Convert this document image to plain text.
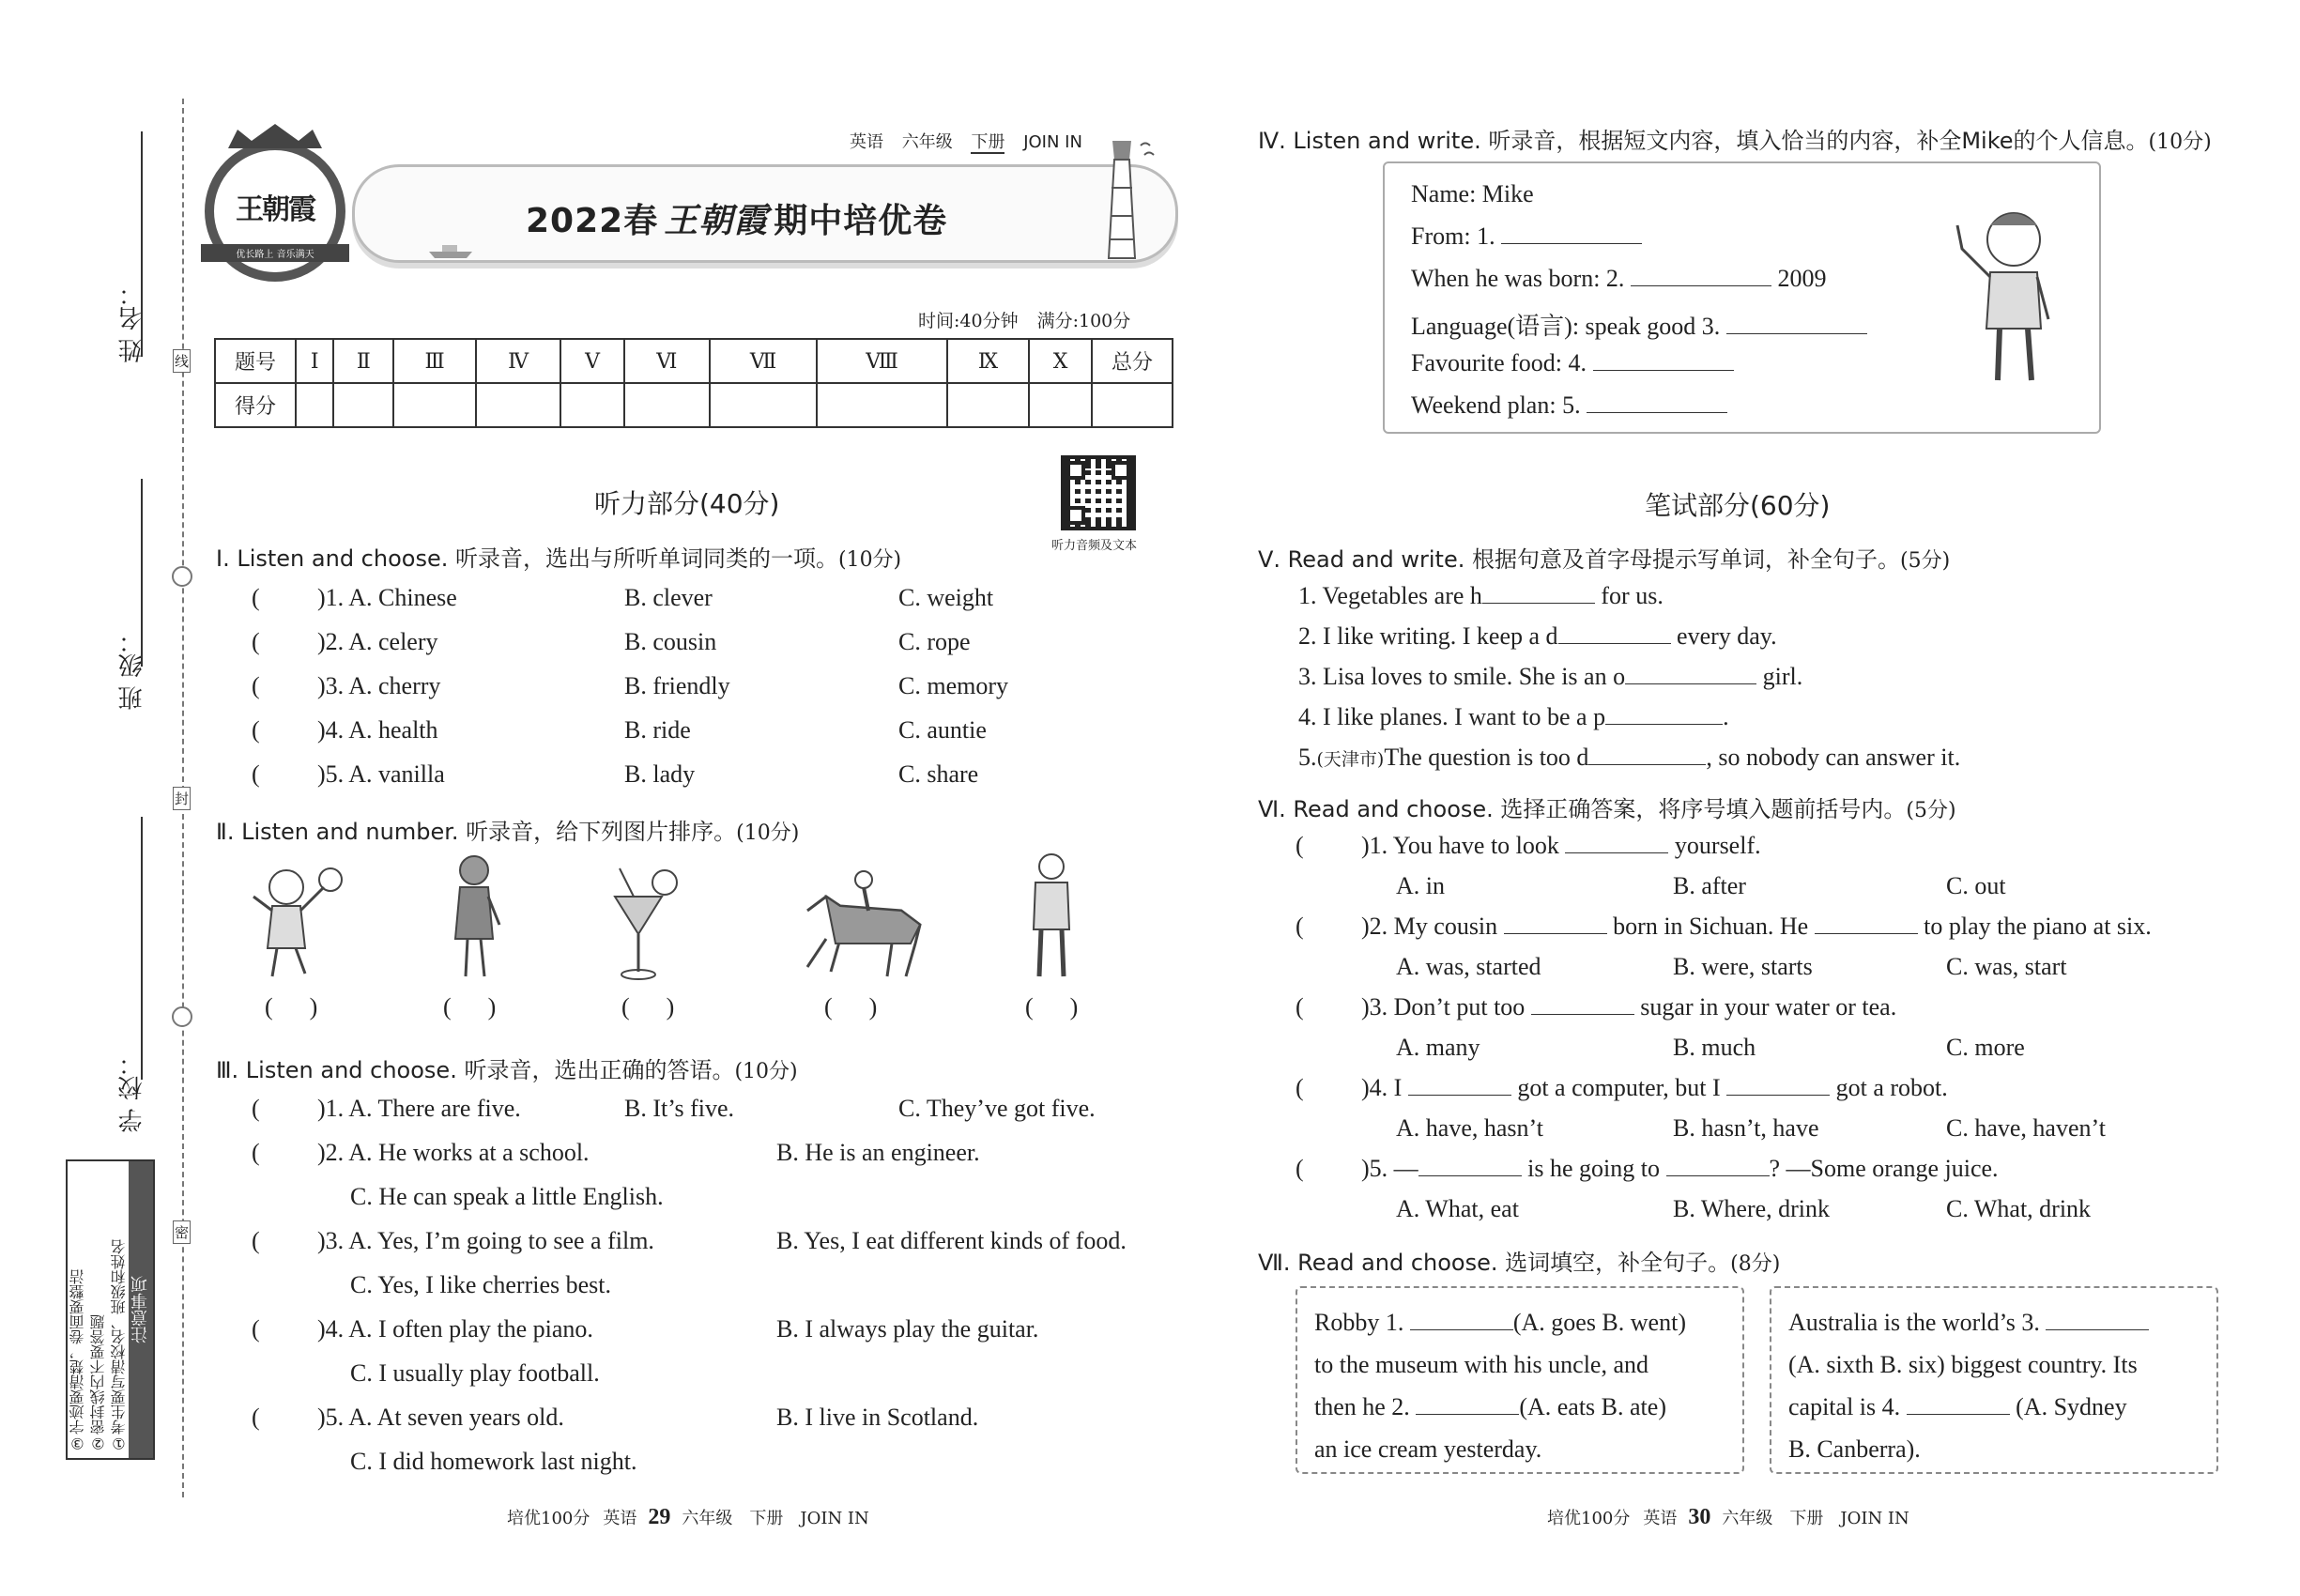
线
封
密
姓 名：
班 级：
学 校：
注意事项
①考生要写清校名、班级和姓名
②密封线内不要答题
③字迹要清楚，卷面要整洁
王朝霞
优长路上 音乐满天
英语 六年级 下册 JOIN IN
2022春 王朝霞 期中培优卷
时间:40分钟 满分:100分
题号	Ⅰ	Ⅱ	Ⅲ	Ⅳ	Ⅴ	Ⅵ	Ⅶ	Ⅷ	Ⅸ	Ⅹ	总分
得分											
听力音频及文本
听力部分(40分)
Ⅰ. Listen and choose. 听录音，选出与所听单词同类的一项。(10分)
( )1. A. Chinese	B. clever	C. weight
( )2. A. celery	B. cousin	C. rope
( )3. A. cherry	B. friendly	C. memory
( )4. A. health	B. ride	C. auntie
( )5. A. vanilla	B. lady	C. share
Ⅱ. Listen and number. 听录音，给下列图片排序。(10分)
(      )	(      )	(      )	(      )	(      )
Ⅲ. Listen and choose. 听录音，选出正确的答语。(10分)
( )1. A. There are five.	B. It’s five.	C. They’ve got five.
( )2. A. He works at a school.	B. He is an engineer.
C. He can speak a little English.
( )3. A. Yes, I’m going to see a film.	B. Yes, I eat different kinds of food.
C. Yes, I like cherries best.
( )4. A. I often play the piano.	B. I always play the guitar.
C. I usually play football.
( )5. A. At seven years old.	B. I live in Scotland.
C. I did homework last night.
培优100分 英语 29 六年级 下册 JOIN IN
Ⅳ. Listen and write. 听录音，根据短文内容，填入恰当的内容，补全Mike的个人信息。(10分)
Name: Mike
From: 1.
When he was born: 2.	2009
Language(语言): speak good 3.
Favourite food: 4.
Weekend plan: 5.
笔试部分(60分)
Ⅴ. Read and write. 根据句意及首字母提示写单词，补全句子。(5分)
1. Vegetables are h	for us.
2. I like writing. I keep a d	every day.
3. Lisa loves to smile. She is an o	girl.
4. I like planes. I want to be a p	.
5.(天津市)The question is too d	, so nobody can answer it.
Ⅵ. Read and choose. 选择正确答案，将序号填入题前括号内。(5分)
( )1. You have to look	yourself.
A. in	B. after	C. out
( )2. My cousin	born in Sichuan. He	to play the piano at six.
A. was, started	B. were, starts	C. was, start
( )3. Don’t put too	sugar in your water or tea.
A. many	B. much	C. more
( )4. I	got a computer, but I	got a robot.
A. have, hasn’t	B. hasn’t, have	C. have, haven’t
( )5. —	is he going to	? —Some orange juice.
A. What, eat	B. Where, drink	C. What, drink
Ⅶ. Read and choose. 选词填空，补全句子。(8分)
Robby 1.	(A. goes B. went)
to the museum with his uncle, and
then he 2.	(A. eats B. ate)
an ice cream yesterday.
Australia is the world’s 3.
(A. sixth B. six) biggest country. Its
capital is 4.	(A. Sydney
B. Canberra).
培优100分 英语 30 六年级 下册 JOIN IN
